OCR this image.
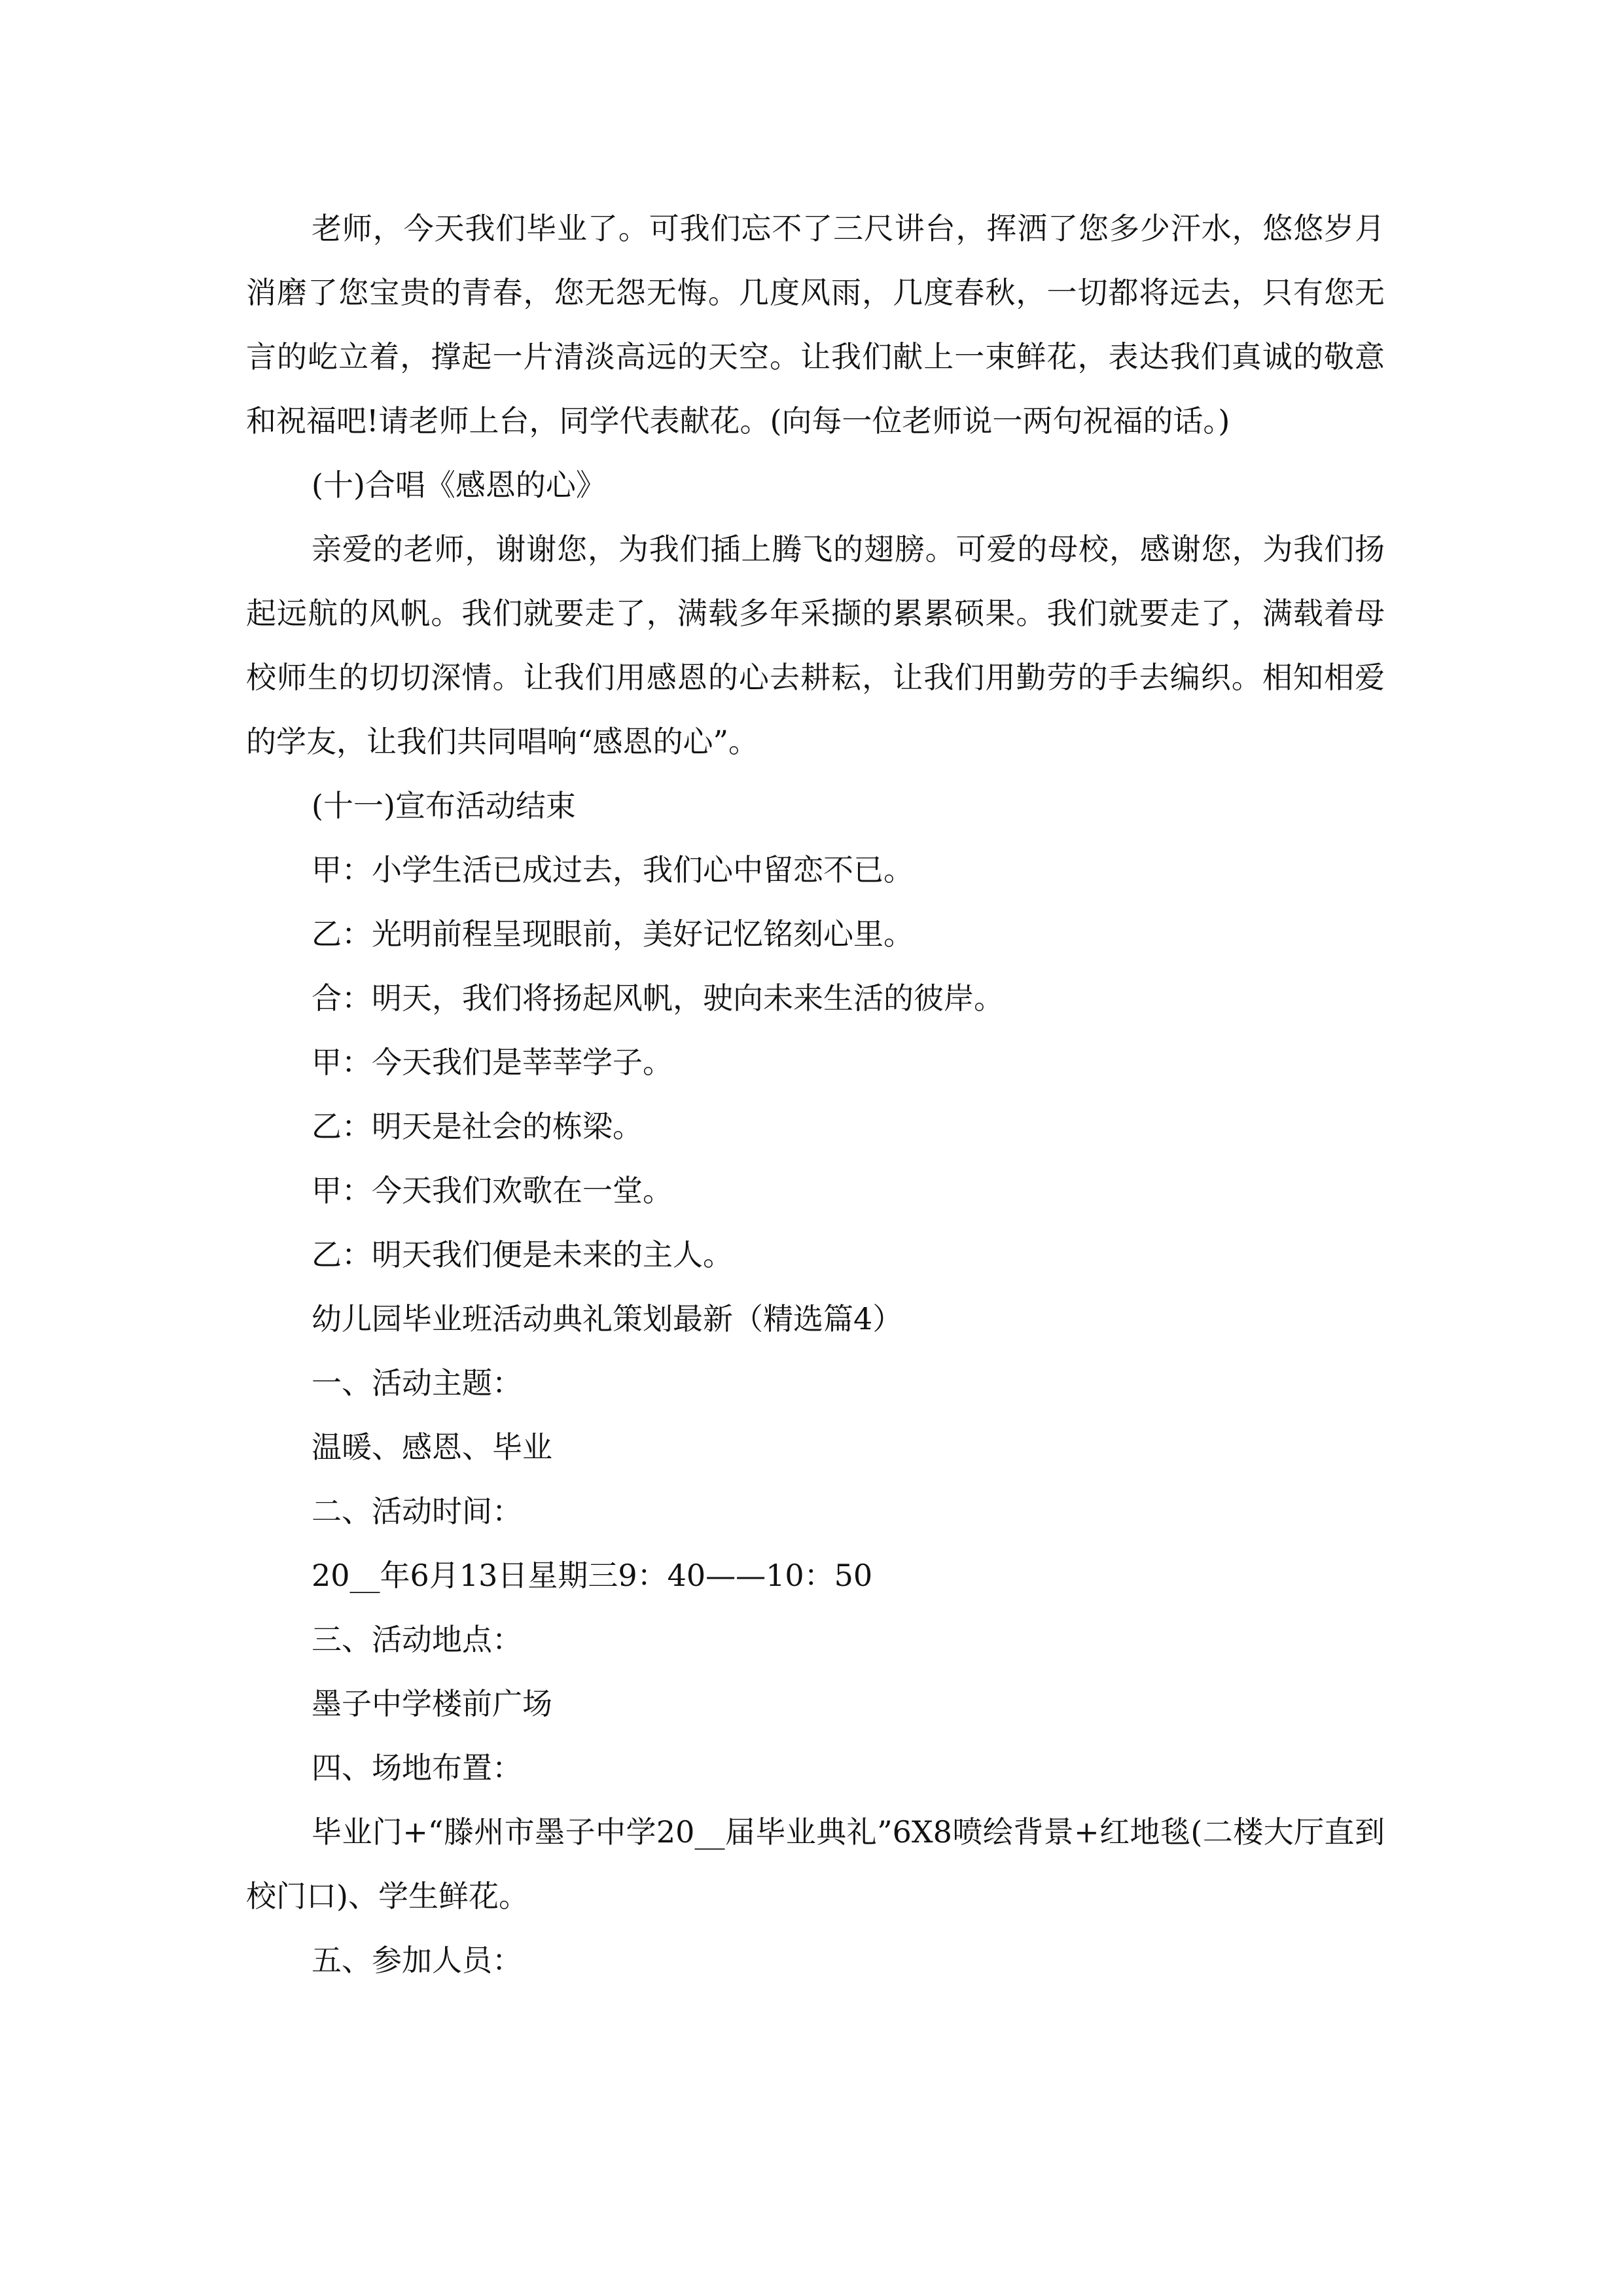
老师，今天我们毕业了。可我们忘不了三尺讲台，挥洒了您多少汗水，悠悠岁月消磨了您宝贵的青春，您无怨无悔。几度风雨，几度春秋，一切都将远去，只有您无言的屹立着，撑起一片清淡高远的天空。让我们献上一束鲜花，表达我们真诚的敬意和祝福吧!请老师上台，同学代表献花。(向每一位老师说一两句祝福的话。)

(十)合唱《感恩的心》

亲爱的老师，谢谢您，为我们插上腾飞的翅膀。可爱的母校，感谢您，为我们扬起远航的风帆。我们就要走了，满载多年采撷的累累硕果。我们就要走了，满载着母校师生的切切深情。让我们用感恩的心去耕耘，让我们用勤劳的手去编织。相知相爱的学友，让我们共同唱响“感恩的心”。

(十一)宣布活动结束

甲：小学生活已成过去，我们心中留恋不已。

乙：光明前程呈现眼前，美好记忆铭刻心里。

合：明天，我们将扬起风帆，驶向未来生活的彼岸。

甲：今天我们是莘莘学子。

乙：明天是社会的栋梁。

甲：今天我们欢歌在一堂。

乙：明天我们便是未来的主人。

幼儿园毕业班活动典礼策划最新（精选篇4）

一、活动主题：

温暖、感恩、毕业

二、活动时间：

20__年6月13日星期三9：40——10：50

三、活动地点：

墨子中学楼前广场

四、场地布置：

毕业门+“滕州市墨子中学20__届毕业典礼”6X8喷绘背景+红地毯(二楼大厅直到校门口)、学生鲜花。

五、参加人员：
